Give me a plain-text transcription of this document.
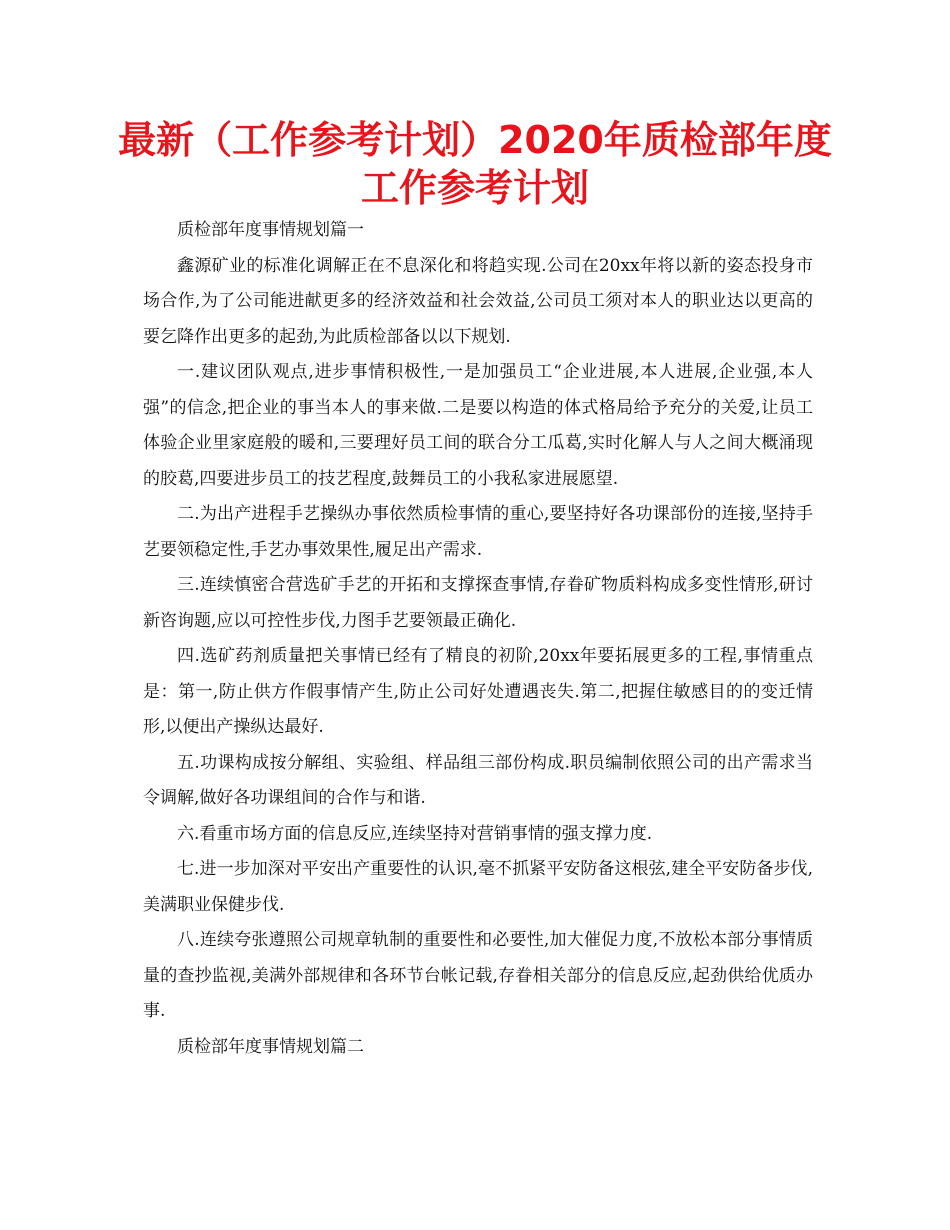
最新（工作参考计划）2020年质检部年度工作参考计划

质检部年度事情规划篇一

鑫源矿业的标准化调解正在不息深化和将趋实现.公司在20xx年将以新的姿态投身市场合作,为了公司能进献更多的经济效益和社会效益,公司员工须对本人的职业达以更高的要乞降作出更多的起劲,为此质检部备以以下规划.

一.建议团队观点,进步事情积极性,一是加强员工“企业进展,本人进展,企业强,本人强”的信念,把企业的事当本人的事来做.二是要以构造的体式格局给予充分的关爱,让员工体验企业里家庭般的暖和,三要理好员工间的联合分工瓜葛,实时化解人与人之间大概涌现的胶葛,四要进步员工的技艺程度,鼓舞员工的小我私家进展愿望.

二.为出产进程手艺操纵办事依然质检事情的重心,要坚持好各功课部份的连接,坚持手艺要领稳定性,手艺办事效果性,履足出产需求.

三.连续慎密合营选矿手艺的开拓和支撑探查事情,存眷矿物质料构成多变性情形,研讨新咨询题,应以可控性步伐,力图手艺要领最正确化.

四.选矿药剂质量把关事情已经有了精良的初阶,20xx年要拓展更多的工程,事情重点是：第一,防止供方作假事情产生,防止公司好处遭遇丧失.第二,把握住敏感目的的变迁情形,以便出产操纵达最好.

五.功课构成按分解组、实验组、样品组三部份构成.职员编制依照公司的出产需求当令调解,做好各功课组间的合作与和谐.

六.看重市场方面的信息反应,连续坚持对营销事情的强支撑力度.

七.进一步加深对平安出产重要性的认识,毫不抓紧平安防备这根弦,建全平安防备步伐,美满职业保健步伐.

八.连续夸张遵照公司规章轨制的重要性和必要性,加大催促力度,不放松本部分事情质量的查抄监视,美满外部规律和各环节台帐记载,存眷相关部分的信息反应,起劲供给优质办事.

质检部年度事情规划篇二
